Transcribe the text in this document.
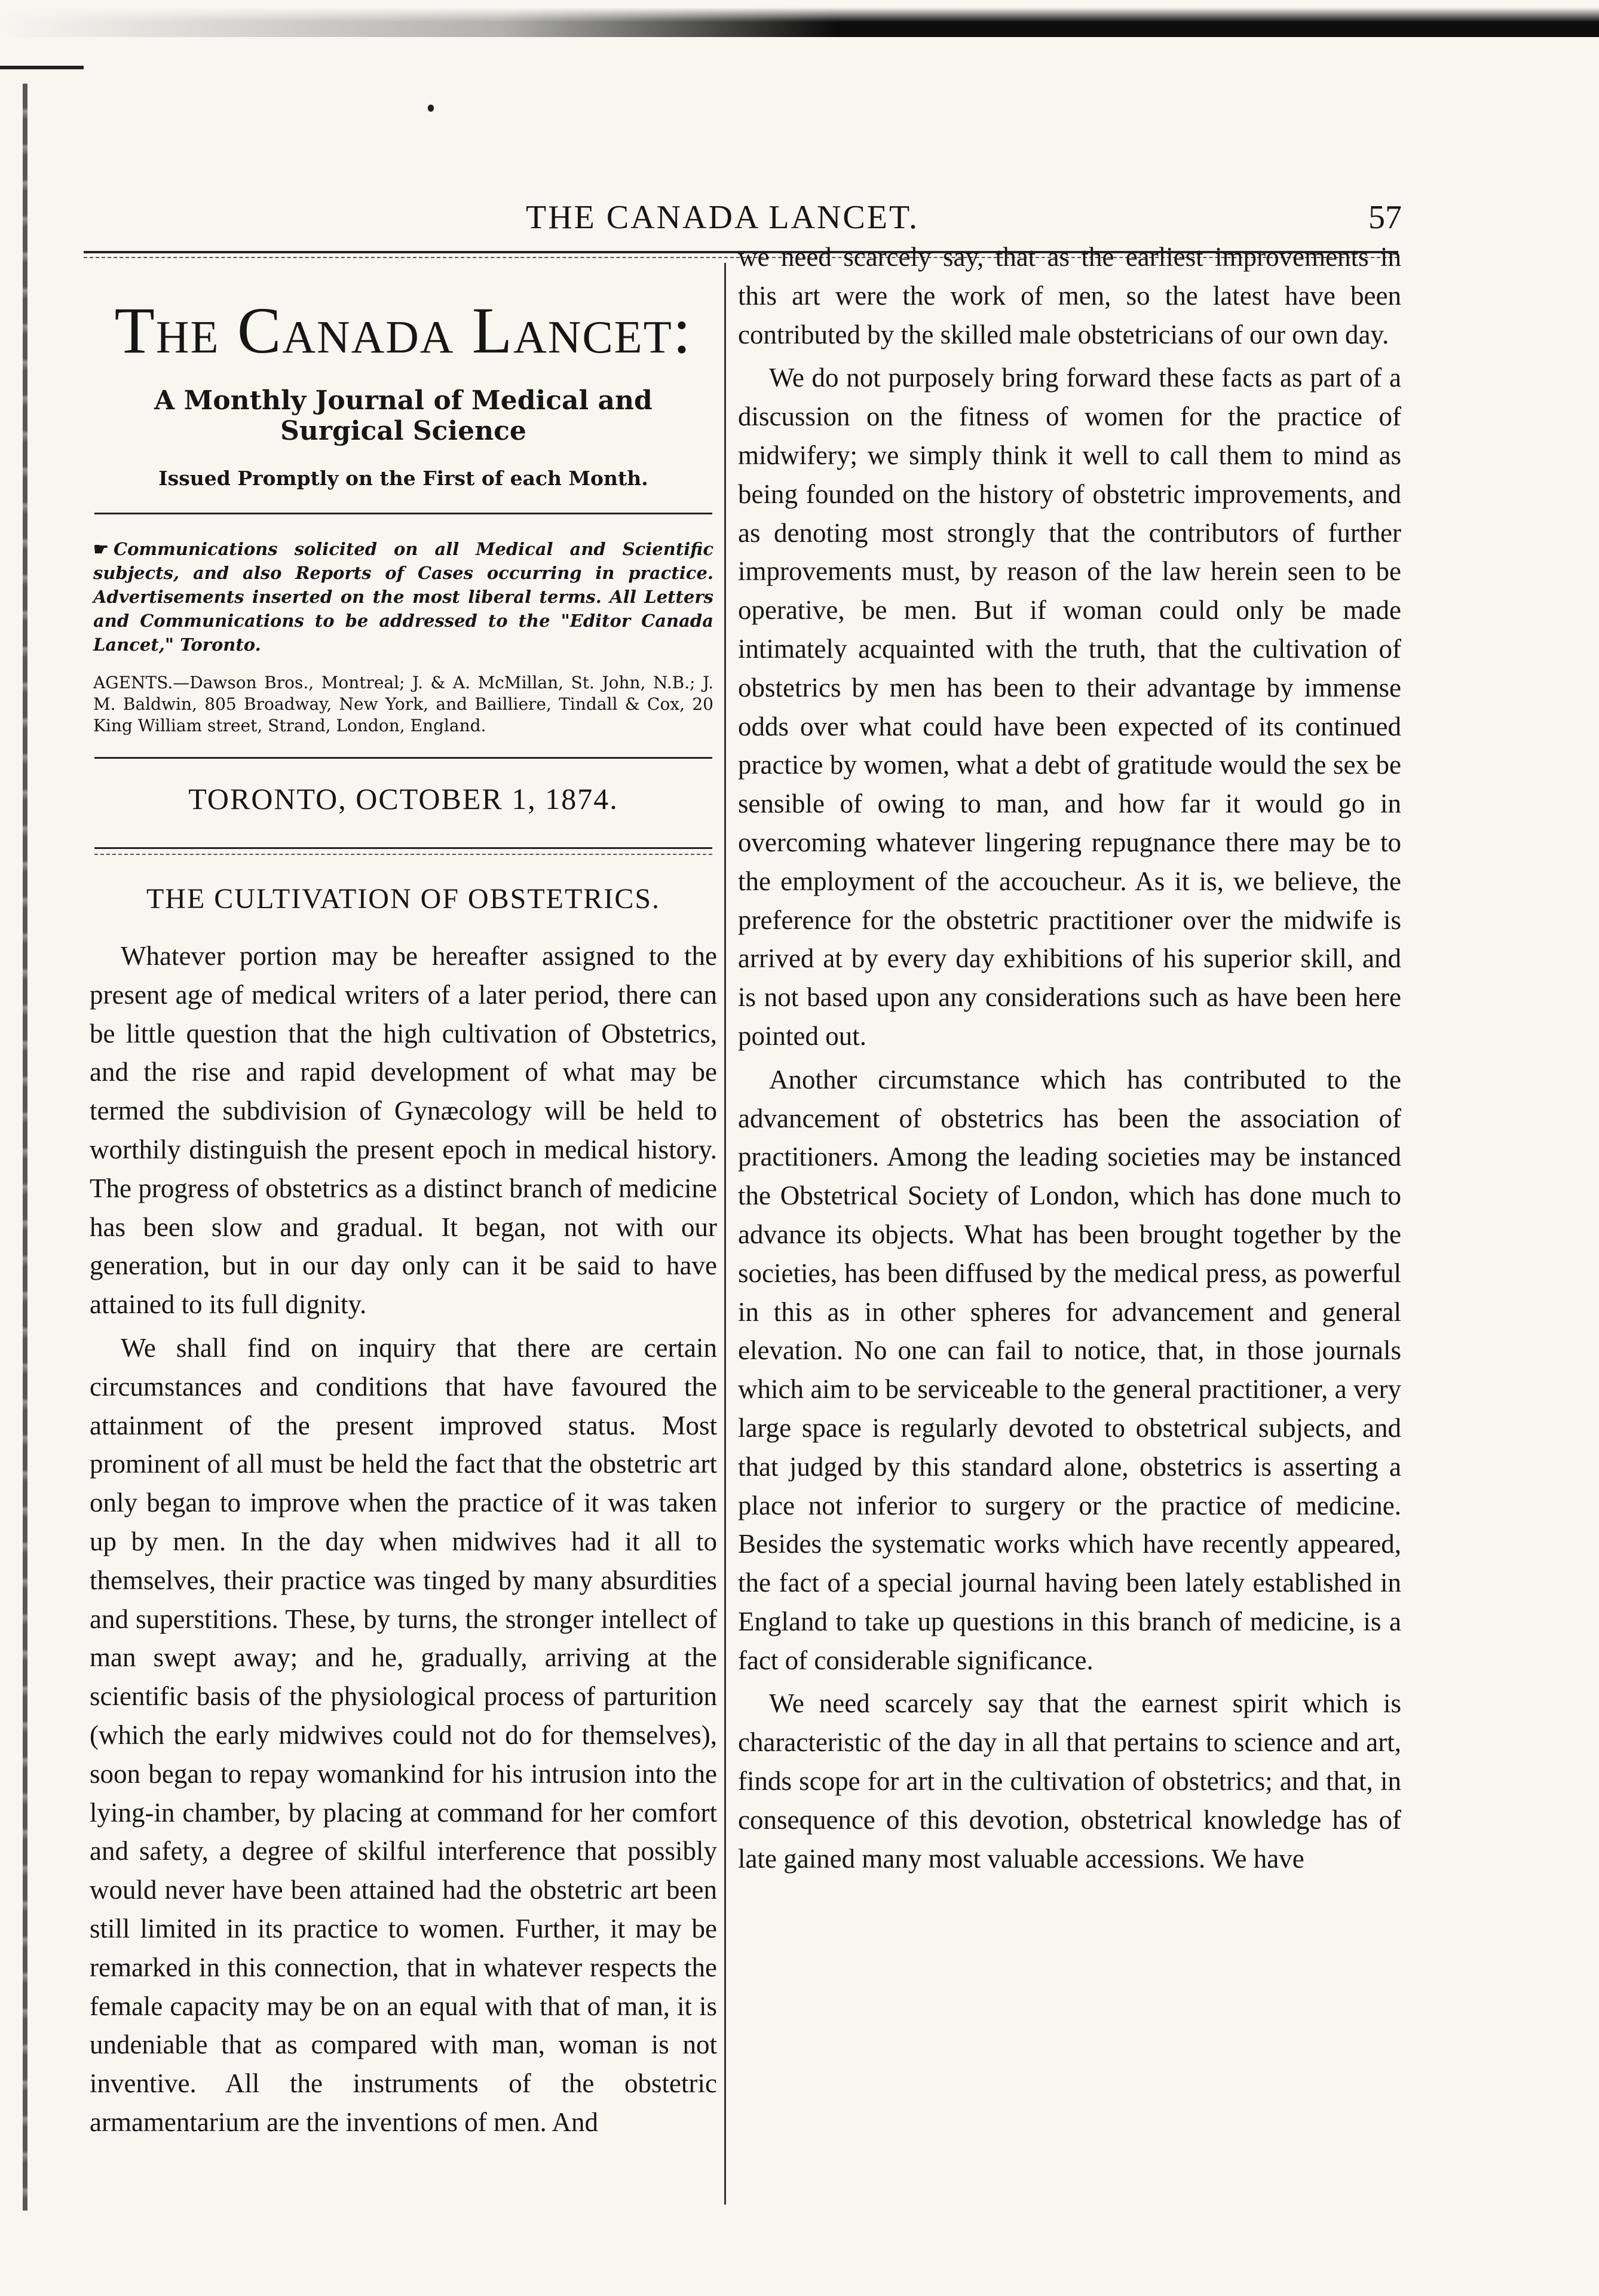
THE CANADA LANCET.	57
The Canada Lancet:
A Monthly Journal of Medical and Surgical Science
Issued Promptly on the First of each Month.
☛ Communications solicited on all Medical and Scientific subjects, and also Reports of Cases occurring in practice. Advertisements inserted on the most liberal terms. All Letters and Communications to be addressed to the "Editor Canada Lancet," Toronto.
AGENTS.—Dawson Bros., Montreal; J. & A. McMillan, St. John, N.B.; J. M. Baldwin, 805 Broadway, New York, and Bailliere, Tindall & Cox, 20 King William street, Strand, London, England.
TORONTO, OCTOBER 1, 1874.
THE CULTIVATION OF OBSTETRICS.

Whatever portion may be hereafter assigned to the present age of medical writers of a later period, there can be little question that the high cultivation of Obstetrics, and the rise and rapid development of what may be termed the subdivision of Gynæcology will be held to worthily distinguish the present epoch in medical history. The progress of obstetrics as a distinct branch of medicine has been slow and gradual. It began, not with our generation, but in our day only can it be said to have attained to its full dignity.

We shall find on inquiry that there are certain circumstances and conditions that have favoured the attainment of the present improved status. Most prominent of all must be held the fact that the obstetric art only began to improve when the practice of it was taken up by men. In the day when midwives had it all to themselves, their practice was tinged by many absurdities and superstitions. These, by turns, the stronger intellect of man swept away; and he, gradually, arriving at the scientific basis of the physiological process of parturition (which the early midwives could not do for themselves), soon began to repay womankind for his intrusion into the lying-in chamber, by placing at command for her comfort and safety, a degree of skilful interference that possibly would never have been attained had the obstetric art been still limited in its practice to women. Further, it may be remarked in this connection, that in whatever respects the female capacity may be on an equal with that of man, it is undeniable that as compared with man, woman is not inventive. All the instruments of the obstetric armamentarium are the inventions of men. And

we need scarcely say, that as the earliest improvements in this art were the work of men, so the latest have been contributed by the skilled male obstetricians of our own day.

We do not purposely bring forward these facts as part of a discussion on the fitness of women for the practice of midwifery; we simply think it well to call them to mind as being founded on the history of obstetric improvements, and as denoting most strongly that the contributors of further improvements must, by reason of the law herein seen to be operative, be men. But if woman could only be made intimately acquainted with the truth, that the cultivation of obstetrics by men has been to their advantage by immense odds over what could have been expected of its continued practice by women, what a debt of gratitude would the sex be sensible of owing to man, and how far it would go in overcoming whatever lingering repugnance there may be to the employment of the accoucheur. As it is, we believe, the preference for the obstetric practitioner over the midwife is arrived at by every day exhibitions of his superior skill, and is not based upon any considerations such as have been here pointed out.

Another circumstance which has contributed to the advancement of obstetrics has been the association of practitioners. Among the leading societies may be instanced the Obstetrical Society of London, which has done much to advance its objects. What has been brought together by the societies, has been diffused by the medical press, as powerful in this as in other spheres for advancement and general elevation. No one can fail to notice, that, in those journals which aim to be serviceable to the general practitioner, a very large space is regularly devoted to obstetrical subjects, and that judged by this standard alone, obstetrics is asserting a place not inferior to surgery or the practice of medicine. Besides the systematic works which have recently appeared, the fact of a special journal having been lately established in England to take up questions in this branch of medicine, is a fact of considerable significance.

We need scarcely say that the earnest spirit which is characteristic of the day in all that pertains to science and art, finds scope for art in the cultivation of obstetrics; and that, in consequence of this devotion, obstetrical knowledge has of late gained many most valuable accessions. We have
